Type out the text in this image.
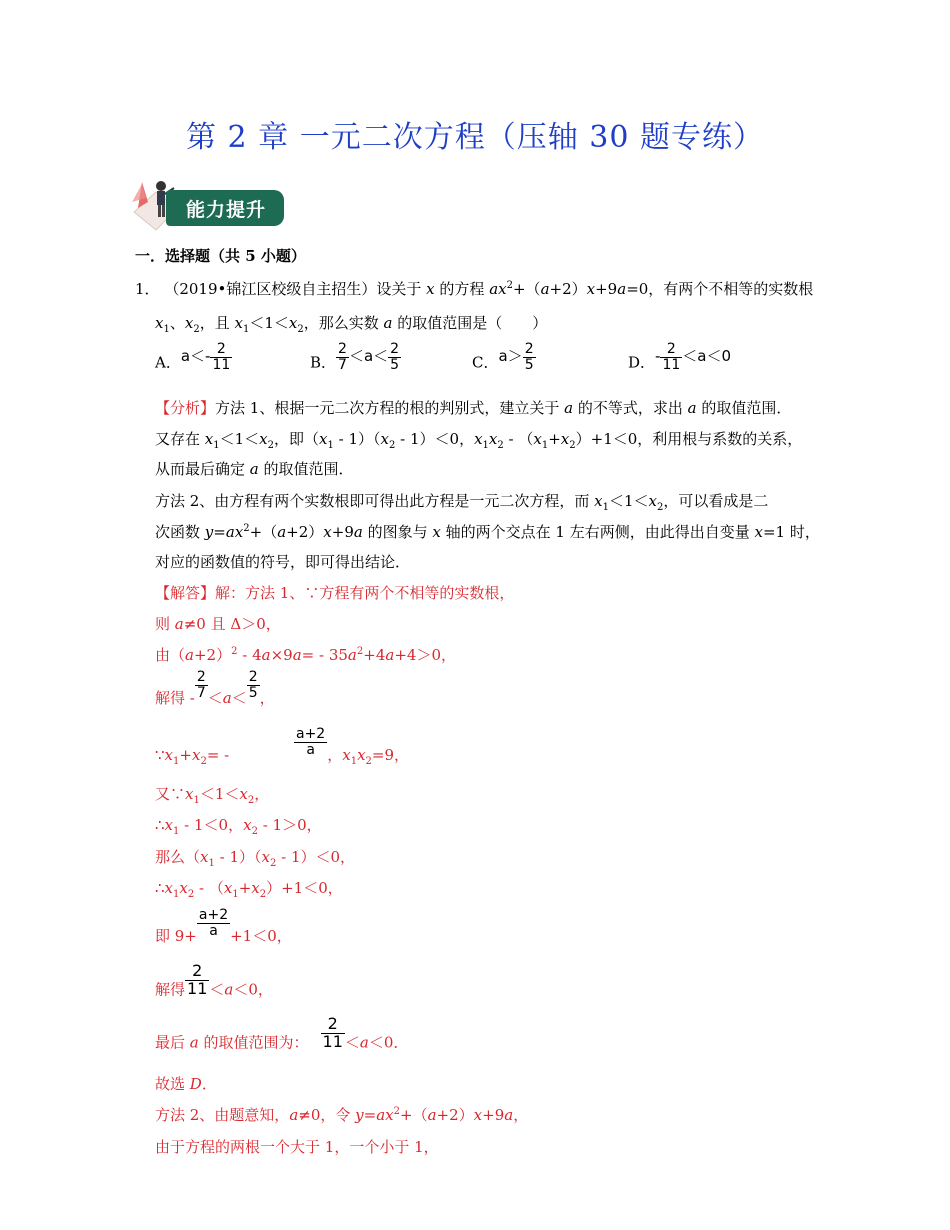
第 2 章 一元二次方程（压轴 30 题专练）
能力提升
一．选择题（共 5 小题）
1． （2019•锦江区校级自主招生）设关于 x 的方程 $ax^2+(a+2)x+9a=0$，有两个不相等的实数根
$x_1$、$x_2$，且 $x_1<1<x_2$，那么实数 a 的取值范围是（　　）
A．$a<- \frac{2}{11}$	B． $\frac{2}{7} <a< \frac{2}{5}$	C．$a> \frac{2}{5}$	D．- $\frac{2}{11} <a<0$
【分析】方法 1、根据一元二次方程的根的判别式，建立关于 a 的不等式，求出 a 的取值范围．
又存在 $x_1<1<x_2$，即$(x_1 - 1)(x_2 - 1)<0$，$x_1x_2 - (x_1+x_2)+1<0$，利用根与系数的关系，
从而最后确定 a 的取值范围．
方法 2、由方程有两个实数根即可得出此方程是一元二次方程，而 $x_1<1<x_2$，可以看成是二
次函数 $y=ax^2+(a+2)x+9a$ 的图象与 x 轴的两个交点在 1 左右两侧，由此得出自变量 x=1 时，
对应的函数值的符号，即可得出结论．
【解答】解：方法 1、∵方程有两个不相等的实数根，
则 a≠0 且 Δ＞0，
由$(a+2)^2 - 4a\times 9a= - 35a^2+4a+4>0$，
解得 - $\frac{2}{7} <a< \frac{2}{5}$ ，
$\because x_1+x_2=$ -	$\frac{a+2}{a}$ ，$x_1x_2=9$，
又$\because x_1<1<x_2$，
$\therefore x_1 - 1<0$，$x_2 - 1>0$，
那么$(x_1 - 1)(x_2 - 1)<0$，
$\therefore x_1x_2 - (x_1+x_2)+1<0$，
即 $9+ \frac{a+2}{a} +1<0$，
解得 $\frac{2}{11} <a<0$，
最后 a 的取值范围为： $\frac{2}{11} <a<0$．
故选 D．
方法 2、由题意知，a≠0，令 $y=ax^2+(a+2)x+9a$，
由于方程的两根一个大于 1，一个小于 1，
